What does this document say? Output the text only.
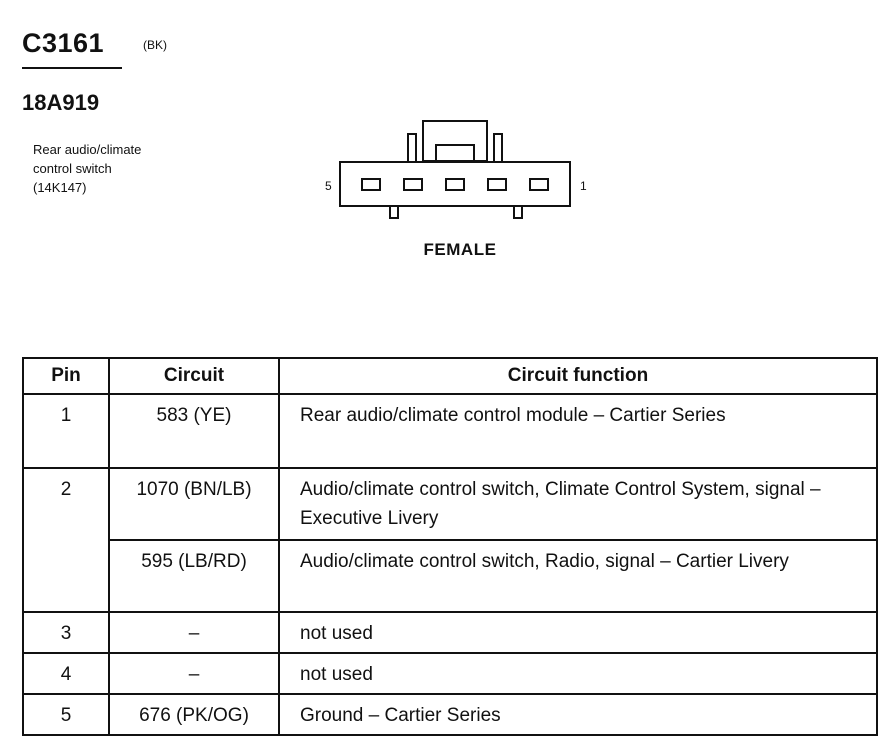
C3161	(BK)
18A919
Rear audio/climate
control switch
(14K147)	5	1
FEMALE
Pin	Circuit	Circuit function
1	583 (YE)	Rear audio/climate control module – Cartier Series
2	1070 (BN/LB)	Audio/climate control switch, Climate Control System, signal – Executive Livery
	595 (LB/RD)	Audio/climate control switch, Radio, signal – Cartier Livery
3	–	not used
4	–	not used
5	676 (PK/OG)	Ground – Cartier Series
